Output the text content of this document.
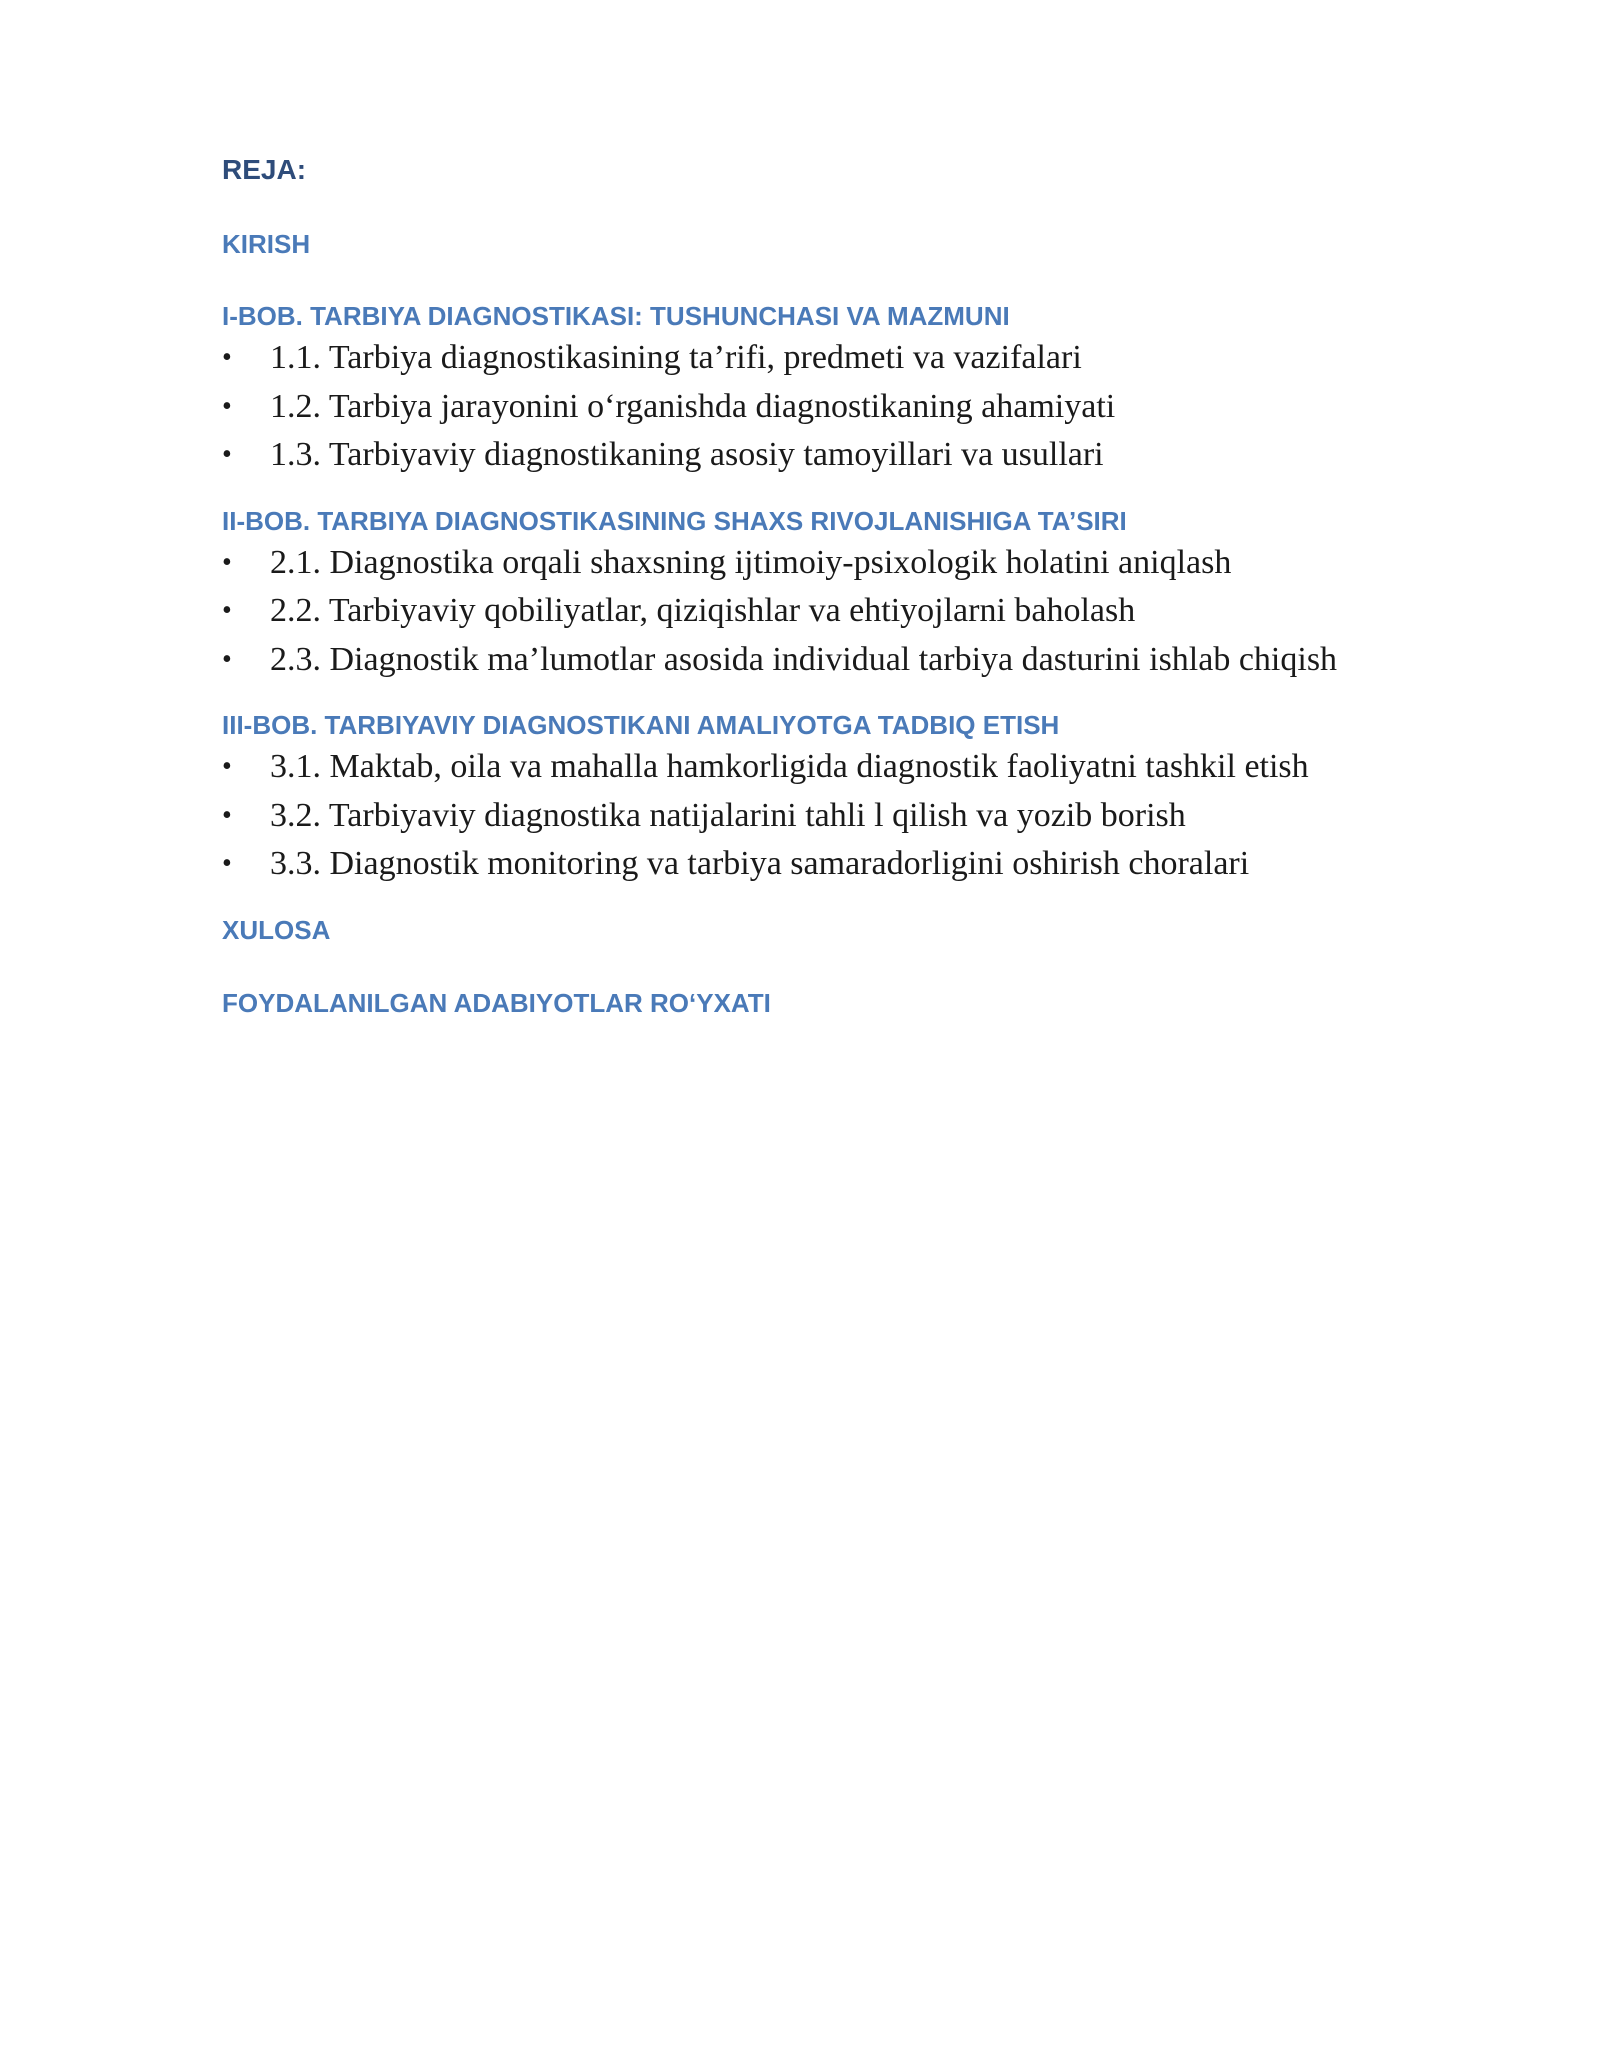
REJA:
KIRISH
I-BOB. TARBIYA DIAGNOSTIKASI: TUSHUNCHASI VA MAZMUNI
• 1.1. Tarbiya diagnostikasining ta’rifi, predmeti va vazifalari
• 1.2. Tarbiya jarayonini o‘rganishda diagnostikaning ahamiyati
• 1.3. Tarbiyaviy diagnostikaning asosiy tamoyillari va usullari
II-BOB. TARBIYA DIAGNOSTIKASINING SHAXS RIVOJLANISHIGA TA’SIRI
• 2.1. Diagnostika orqali shaxsning ijtimoiy-psixologik holatini aniqlash
• 2.2. Tarbiyaviy qobiliyatlar, qiziqishlar va ehtiyojlarni baholash
• 2.3. Diagnostik ma’lumotlar asosida individual tarbiya dasturini ishlab chiqish
III-BOB. TARBIYAVIY DIAGNOSTIKANI AMALIYOTGA TADBIQ ETISH
• 3.1. Maktab, oila va mahalla hamkorligida diagnostik faoliyatni tashkil etish
• 3.2. Tarbiyaviy diagnostika natijalarini tahli l qilish va yozib borish
• 3.3. Diagnostik monitoring va tarbiya samaradorligini oshirish choralari
XULOSA
FOYDALANILGAN ADABIYOTLAR RO‘YXATI
